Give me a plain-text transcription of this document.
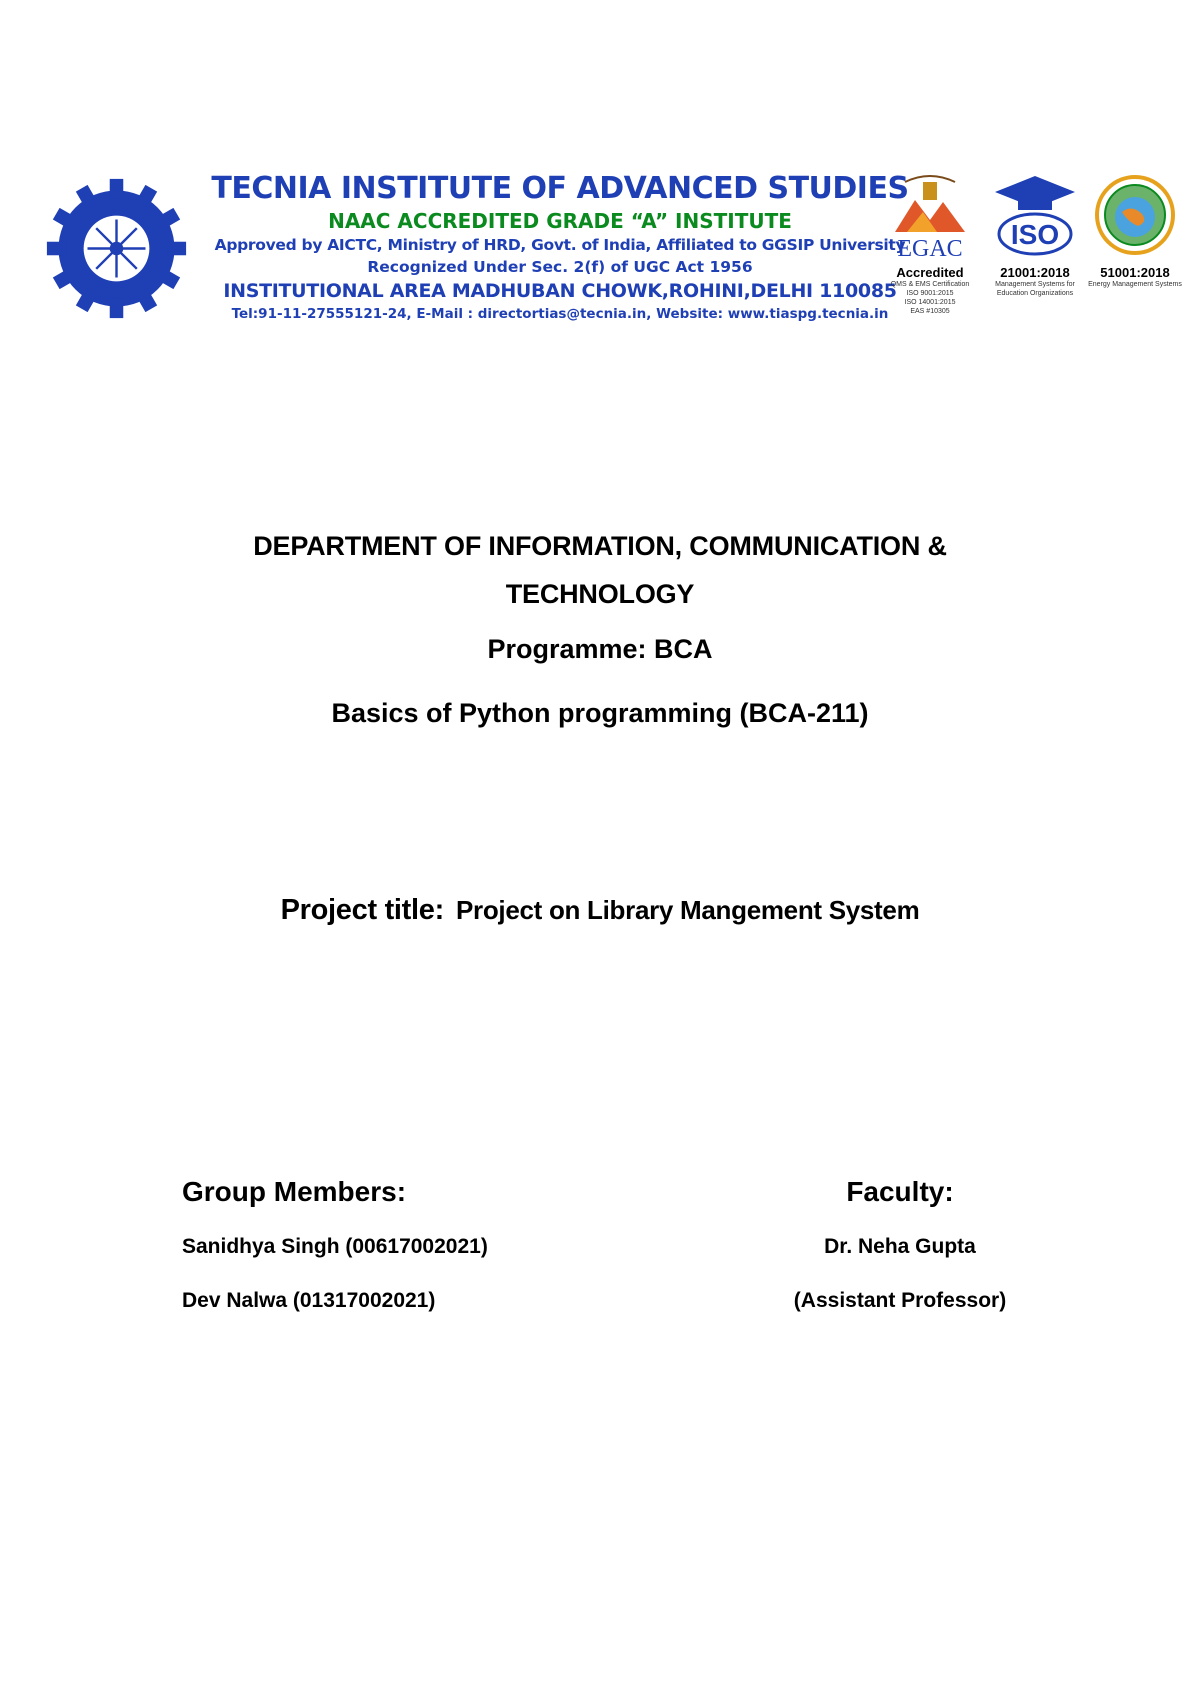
TECNIA INSTITUTE OF ADVANCED STUDIES
NAAC ACCREDITED GRADE “A” INSTITUTE
Approved by AICTC, Ministry of HRD, Govt. of India, Affiliated to GGSIP University
Recognized Under Sec. 2(f) of UGC Act 1956
INSTITUTIONAL AREA MADHUBAN CHOWK,ROHINI,DELHI 110085
Tel:91-11-27555121-24, E-Mail : directortias@tecnia.in, Website: www.tiaspg.tecnia.in
EGAC
Accredited
QMS & EMS Certification
ISO 9001:2015
ISO 14001:2015
EAS #10305
ISO
21001:2018
Management Systems for
Education Organizations
51001:2018
Energy Management Systems
DEPARTMENT OF INFORMATION, COMMUNICATION &
TECHNOLOGY
Programme: BCA
Basics of Python programming (BCA-211)
Project title: Project on Library Mangement System
Group Members:
Sanidhya Singh (00617002021)
Dev Nalwa (01317002021)
Faculty:
Dr. Neha Gupta
(Assistant Professor)
